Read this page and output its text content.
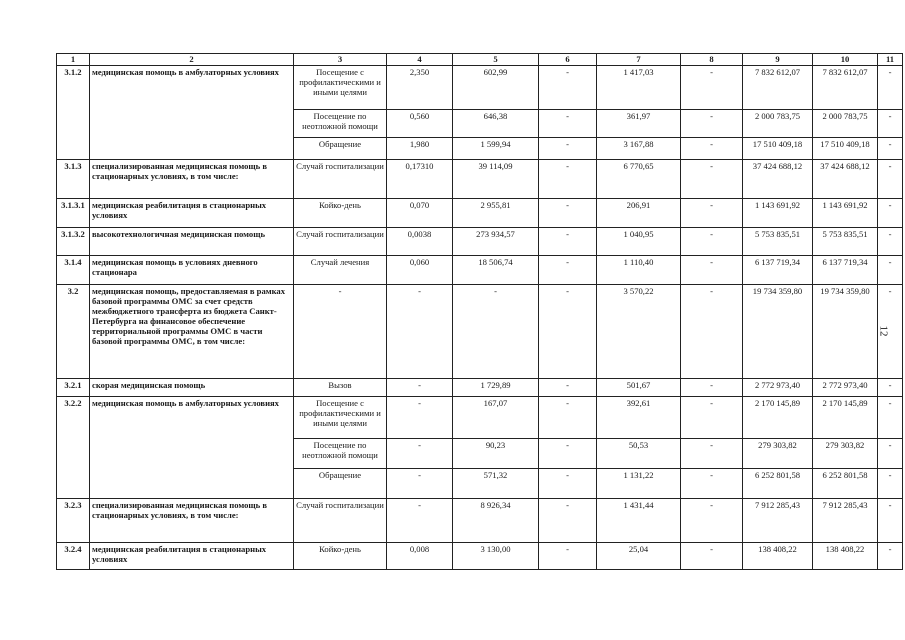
1	2	3	4	5	6	7	8	9	10	11
3.1.2	медицинская помощь в амбулаторных условиях	Посещение с профилактическими и иными целями	2,350	602,99	-	1 417,03	-	7 832 612,07	7 832 612,07	-
		Посещение по неотложной помощи	0,560	646,38	-	361,97	-	2 000 783,75	2 000 783,75	-
		Обращение	1,980	1 599,94	-	3 167,88	-	17 510 409,18	17 510 409,18	-
3.1.3	специализированная медицинская помощь в стационарных условиях, в том числе:	Случай госпитализации	0,17310	39 114,09	-	6 770,65	-	37 424 688,12	37 424 688,12	-
3.1.3.1	медицинская реабилитация в стационарных условиях	Койко-день	0,070	2 955,81	-	206,91	-	1 143 691,92	1 143 691,92	-
3.1.3.2	высокотехнологичная медицинская помощь	Случай госпитализации	0,0038	273 934,57	-	1 040,95	-	5 753 835,51	5 753 835,51	-
3.1.4	медицинская помощь в условиях дневного стационара	Случай лечения	0,060	18 506,74	-	1 110,40	-	6 137 719,34	6 137 719,34	-
3.2	медицинская помощь, предоставляемая в рамках базовой программы ОМС за счет средств межбюджетного трансферта из бюджета Санкт-Петербурга на финансовое обеспечение территориальной программы ОМС в части базовой программы ОМС, в том числе:	-	-	-	-	3 570,22	-	19 734 359,80	19 734 359,80	-
3.2.1	скорая медицинская помощь	Вызов	-	1 729,89	-	501,67	-	2 772 973,40	2 772 973,40	-
3.2.2	медицинская помощь в амбулаторных условиях	Посещение с профилактическими и иными целями	-	167,07	-	392,61	-	2 170 145,89	2 170 145,89	-
		Посещение по неотложной помощи	-	90,23	-	50,53	-	279 303,82	279 303,82	-
		Обращение	-	571,32	-	1 131,22	-	6 252 801,58	6 252 801,58	-
3.2.3	специализированная медицинская помощь в стационарных условиях, в том числе:	Случай госпитализации	-	8 926,34	-	1 431,44	-	7 912 285,43	7 912 285,43	-
3.2.4	медицинская реабилитация в стационарных условиях	Койко-день	0,008	3 130,00	-	25,04	-	138 408,22	138 408,22	-
12
